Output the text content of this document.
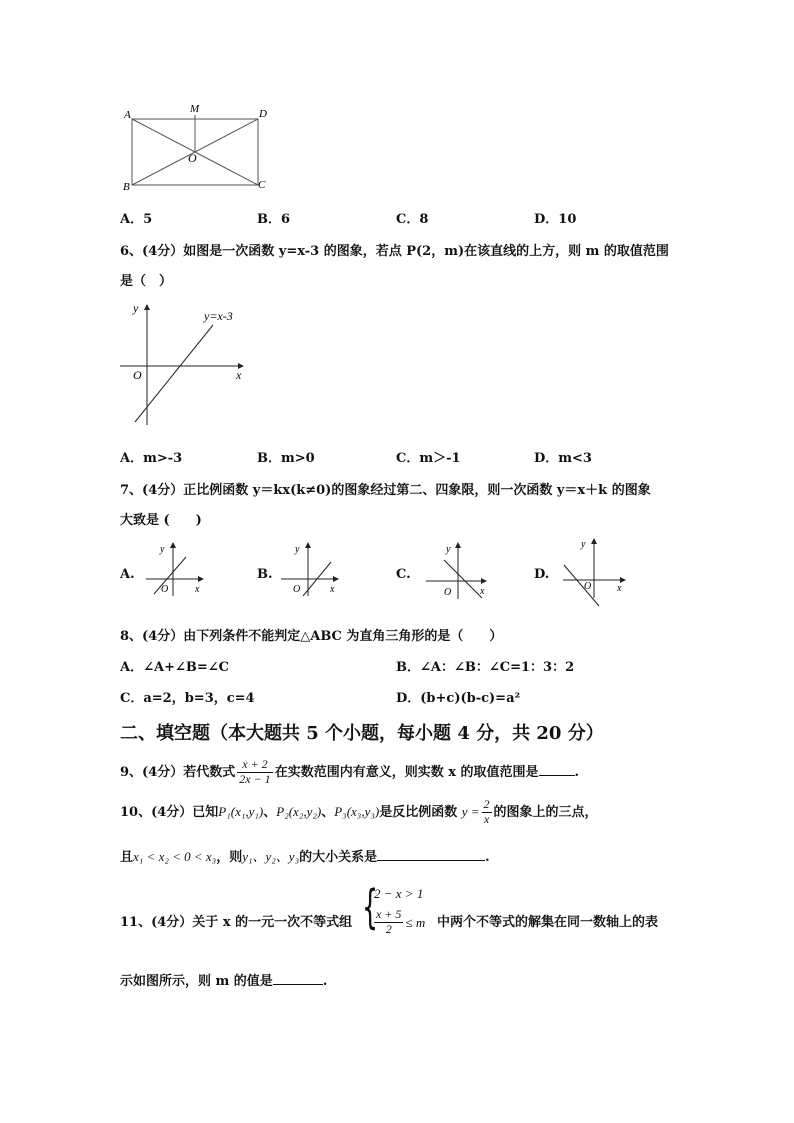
A	M	D
O
B	C
A．5	B．6	C．8	D．10
6、(4分）如图是一次函数 y=x-3 的图象，若点 P(2，m)在该直线的上方，则 m 的取值范围
是（　）
y
x
O
y=x-3
A．m>-3	B．m>0	C．m＞-1	D．m<3
7、(4分）正比例函数 y＝kx(k≠0)的图象经过第二、四象限，则一次函数 y＝x＋k 的图象
大致是 (　　)
A.
y
x
O
B.
y
x
O
C.
y
x
O
D.
y
x
O
8、(4分）由下列条件不能判定△ABC 为直角三角形的是（　　）
A．∠A+∠B=∠C	B．∠A：∠B：∠C=1：3：2
C．a=2，b=3，c=4	D．(b+c)(b-c)=a²
二、填空题（本大题共 5 个小题，每小题 4 分，共 20 分）
9、(4分）若代数式 $\frac{x + 2}{2x - 1}$ 在实数范围内有意义，则实数 x 的取值范围是	.
10、(4分）已知P₁(x₁,y₁)、P₂(x₂,y₂)、P₃(x₃,y₃)是反比例函数 $y = \frac{2}{x}$ 的图象上的三点，
且x₁ < x₂ < 0 < x₃，则y₁、y₂、y₃的大小关系是	.
11、(4分）关于 x 的一元一次不等式组 {
2 − x > 1
$\frac{x + 5}{2} \le m$ 中两个不等式的解集在同一数轴上的表
示如图所示，则 m 的值是	.
